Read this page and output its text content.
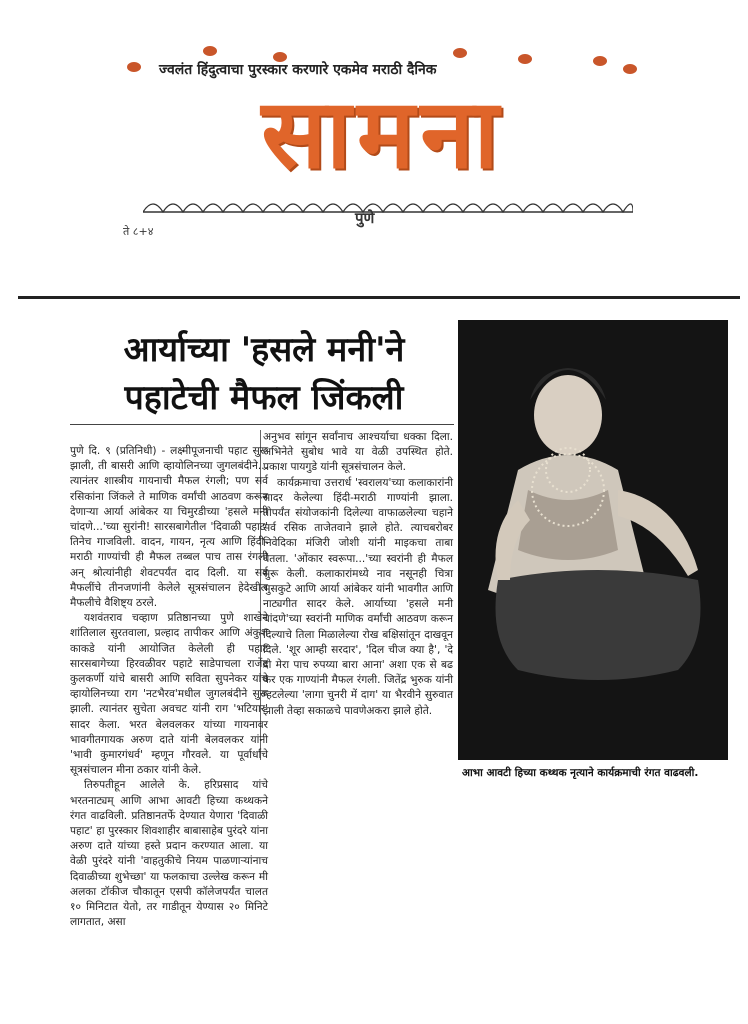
ज्वलंत हिंदुत्वाचा पुरस्कार करणारे एकमेव मराठी दैनिक
सामना
पुणे
ते ८+४
आर्याच्या 'हसले मनी'ने पहाटेची मैफल जिंकली

पुणे दि. ९ (प्रतिनिधी) - लक्ष्मीपूजनाची पहाट सुरू झाली, ती बासरी आणि व्हायोलिनच्या जुगलबंदीने... त्यानंतर शास्त्रीय गायनाची मैफल रंगली; पण सर्व रसिकांना जिंकले ते माणिक वर्मांची आठवण करून देणाऱ्या आर्या आंबेकर या चिमुरडीच्या 'हसले मनी चांदणे...'च्या सुरांनी! सारसबागेतील 'दिवाळी पहाट' तिनेच गाजविली. वादन, गायन, नृत्य आणि हिंदी-मराठी गाण्यांची ही मैफल तब्बल पाच तास रंगली अन् श्रोत्यांनीही शेवटपर्यंत दाद दिली. या सर्व मैफलींचे तीनजणांनी केलेले सूत्रसंचालन हेदेखील मैफलीचे वैशिष्ट्य ठरले.

यशवंतराव चव्हाण प्रतिष्ठानच्या पुणे शाखेने शांतिलाल सुरतवाला, प्रल्हाद तापीकर आणि अंकुश काकडे यांनी आयोजित केलेली ही पहाट सारसबागेच्या हिरवळीवर पहाटे साडेपाचला राजेंद्र कुलकर्णी यांचे बासरी आणि सविता सुपनेकर यांचे व्हायोलिनच्या राग 'नटभैरव'मधील जुगलबंदीने सुरू झाली. त्यानंतर सुचेता अवचट यांनी राग 'भटियार' सादर केला. भरत बेलवलकर यांच्या गायनावर भावगीतगायक अरुण दाते यांनी बेलवलकर यांनी 'भावी कुमारगंधर्व' म्हणून गौरवले. या पूर्वार्धाचे सूत्रसंचालन मीना ठकार यांनी केले.

तिरुपतीहून आलेले के. हरिप्रसाद यांचे भरतनाट्यम् आणि आभा आवटी हिच्या कथ्थकने रंगत वाढविली. प्रतिष्ठानतर्फे देण्यात येणारा 'दिवाळी पहाट' हा पुरस्कार शिवशाहीर बाबासाहेब पुरंदरे यांना अरुण दाते यांच्या हस्ते प्रदान करण्यात आला. या वेळी पुरंदरे यांनी 'वाहतुकीचे नियम पाळणाऱ्यांनाच दिवाळीच्या शुभेच्छा' या फलकाचा उल्लेख करून मी अलका टॉकीज चौकातून एसपी कॉलेजपर्यंत चालत १० मिनिटात येतो, तर गाडीतून येण्यास २० मिनिटे लागतात, असा

अनुभव सांगून सर्वांनाच आश्चर्याचा धक्का दिला. अभिनेते सुबोध भावे या वेळी उपस्थित होते. प्रकाश पायगुडे यांनी सूत्रसंचालन केले.

कार्यक्रमाचा उत्तरार्ध 'स्वरालय'च्या कलाकारांनी सादर केलेल्या हिंदी-मराठी गाण्यांनी झाला. तोपर्यंत संयोजकांनी दिलेल्या वाफाळलेल्या चहाने सर्व रसिक ताजेतवाने झाले होते. त्याचबरोबर निवेदिका मंजिरी जोशी यांनी माइकचा ताबा घेतला. 'ओंकार स्वरूपा...'च्या स्वरांनी ही मैफल सुरू केली. कलाकारांमध्ये नाव नसूनही चित्रा भुसकुटे आणि आर्या आंबेकर यांनी भावगीत आणि नाट्यगीत सादर केले. आर्याच्या 'हसले मनी चांदणे'च्या स्वरांनी माणिक वर्मांची आठवण करून दिल्याचे तिला मिळालेल्या रोख बक्षिसांतून दाखवून दिले. 'शूर आम्ही सरदार', 'दिल चीज क्या है', 'दे दो मेरा पाच रुपय्या बारा आना' अशा एक से बढ कर एक गाण्यांनी मैफल रंगली. जितेंद्र भुरुक यांनी म्हटलेल्या 'लागा चुनरी में दाग' या भैरवीने सुरुवात झाली तेव्हा सकाळचे पावणेअकरा झाले होते.

आभा आवटी हिच्या कथ्थक नृत्याने कार्यक्रमाची रंगत वाढवली.
